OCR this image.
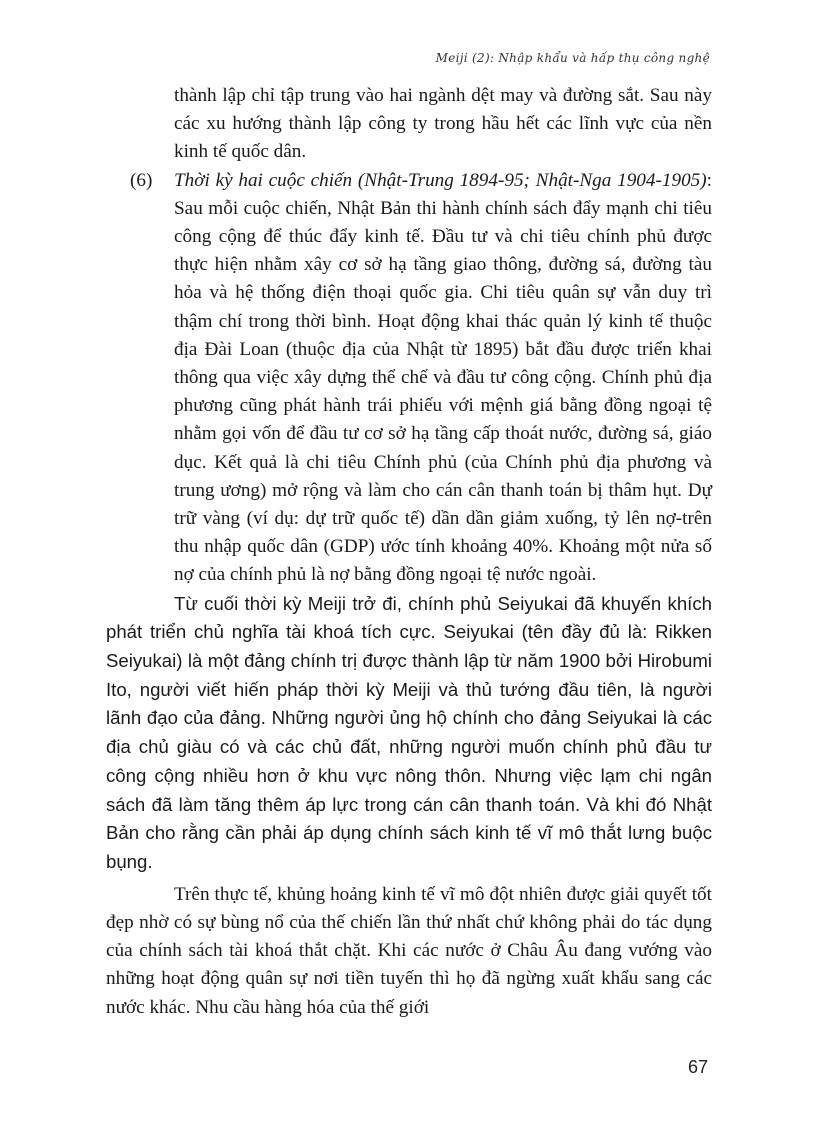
Meiji (2): Nhập khẩu và hấp thụ công nghệ

thành lập chỉ tập trung vào hai ngành dệt may và đường sắt. Sau này các xu hướng thành lập công ty trong hầu hết các lĩnh vực của nền kinh tế quốc dân.

(6) Thời kỳ hai cuộc chiến (Nhật-Trung 1894-95; Nhật-Nga 1904-1905): Sau mỗi cuộc chiến, Nhật Bản thi hành chính sách đẩy mạnh chi tiêu công cộng để thúc đẩy kinh tế. Đầu tư và chi tiêu chính phủ được thực hiện nhằm xây cơ sở hạ tầng giao thông, đường sá, đường tàu hỏa và hệ thống điện thoại quốc gia. Chi tiêu quân sự vẫn duy trì thậm chí trong thời bình. Hoạt động khai thác quản lý kinh tế thuộc địa Đài Loan (thuộc địa của Nhật từ 1895) bắt đầu được triển khai thông qua việc xây dựng thể chế và đầu tư công cộng. Chính phủ địa phương cũng phát hành trái phiếu với mệnh giá bằng đồng ngoại tệ nhằm gọi vốn để đầu tư cơ sở hạ tầng cấp thoát nước, đường sá, giáo dục. Kết quả là chi tiêu Chính phủ (của Chính phủ địa phương và trung ương) mở rộng và làm cho cán cân thanh toán bị thâm hụt. Dự trữ vàng (ví dụ: dự trữ quốc tế) dần dần giảm xuống, tỷ lên nợ-trên thu nhập quốc dân (GDP) ước tính khoảng 40%. Khoảng một nửa số nợ của chính phủ là nợ bằng đồng ngoại tệ nước ngoài.

Từ cuối thời kỳ Meiji trở đi, chính phủ Seiyukai đã khuyến khích phát triển chủ nghĩa tài khoá tích cực. Seiyukai (tên đầy đủ là: Rikken Seiyukai) là một đảng chính trị được thành lập từ năm 1900 bởi Hirobumi Ito, người viết hiến pháp thời kỳ Meiji và thủ tướng đầu tiên, là người lãnh đạo của đảng. Những người ủng hộ chính cho đảng Seiyukai là các địa chủ giàu có và các chủ đất, những người muốn chính phủ đầu tư công cộng nhiều hơn ở khu vực nông thôn. Nhưng việc lạm chi ngân sách đã làm tăng thêm áp lực trong cán cân thanh toán. Và khi đó Nhật Bản cho rằng cần phải áp dụng chính sách kinh tế vĩ mô thắt lưng buộc bụng.

Trên thực tế, khủng hoảng kinh tế vĩ mô đột nhiên được giải quyết tốt đẹp nhờ có sự bùng nổ của thế chiến lần thứ nhất chứ không phải do tác dụng của chính sách tài khoá thắt chặt. Khi các nước ở Châu Âu đang vướng vào những hoạt động quân sự nơi tiền tuyến thì họ đã ngừng xuất khẩu sang các nước khác. Nhu cầu hàng hóa của thế giới

67
